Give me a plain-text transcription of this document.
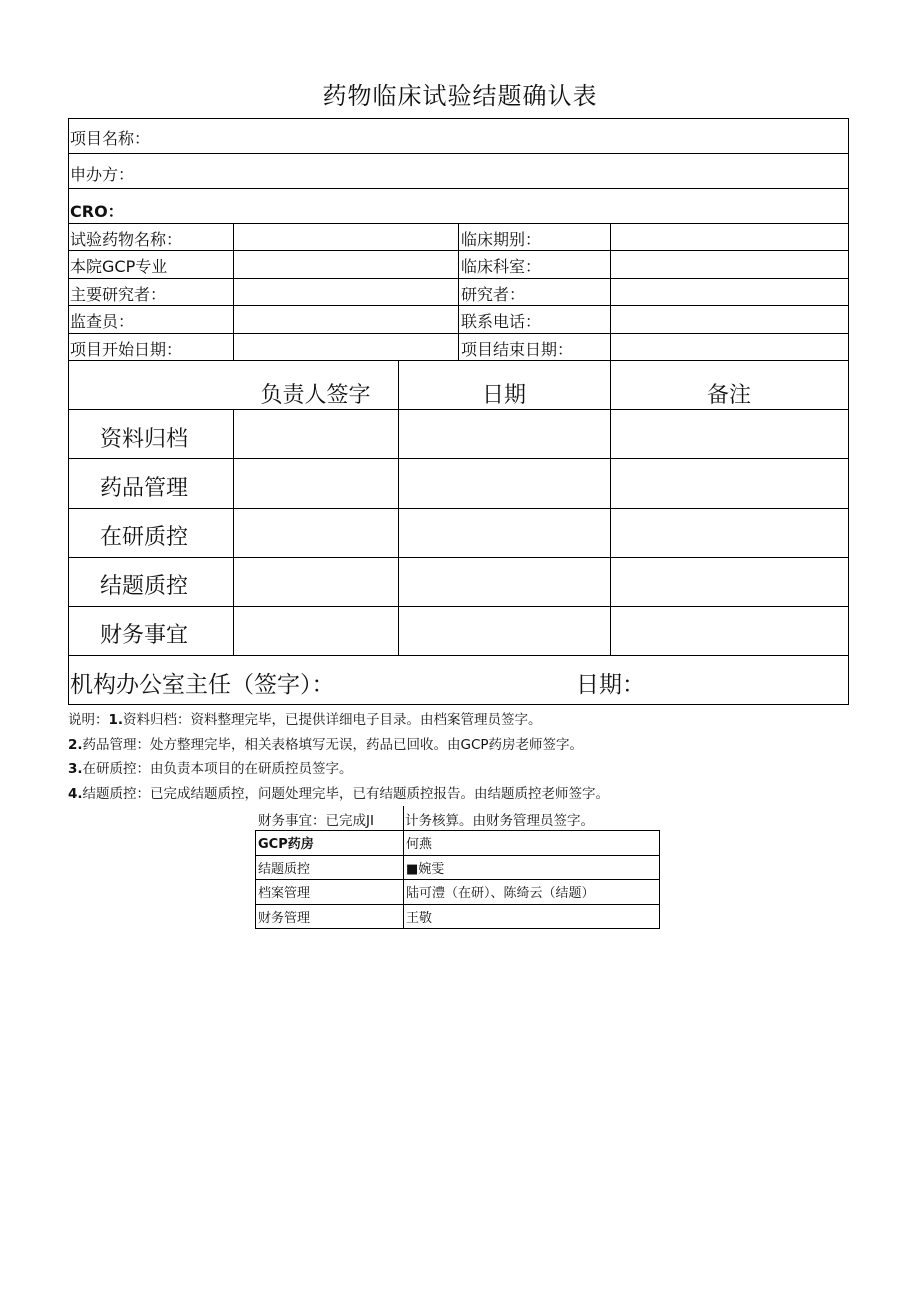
药物临床试验结题确认表
项目名称：
申办方：
CRO：
试验药物名称：	临床期别：
本院GCP专业	临床科室：
主要研究者：	研究者：
监查员：	联系电话：
项目开始日期：	项目结束日期：
负责人签字	日期	备注
资料归档
药品管理
在研质控
结题质控
财务事宜
机构办公室主任（签字）：	日期：
说明：1.资料归档：资料整理完毕，已提供详细电子目录。由档案管理员签字。
2.药品管理：处方整理完毕，相关表格填写无误，药品已回收。由GCP药房老师签字。
3.在研质控：由负责本项目的在研质控员签字。
4.结题质控：已完成结题质控，问题处理完毕，已有结题质控报告。由结题质控老师签字。
财务事宜：已完成JI 计务核算。由财务管理员签字。
GCP药房	何燕
结题质控	■婉雯
档案管理	陆可澧（在研）、陈绮云（结题）
财务管理	王敬
